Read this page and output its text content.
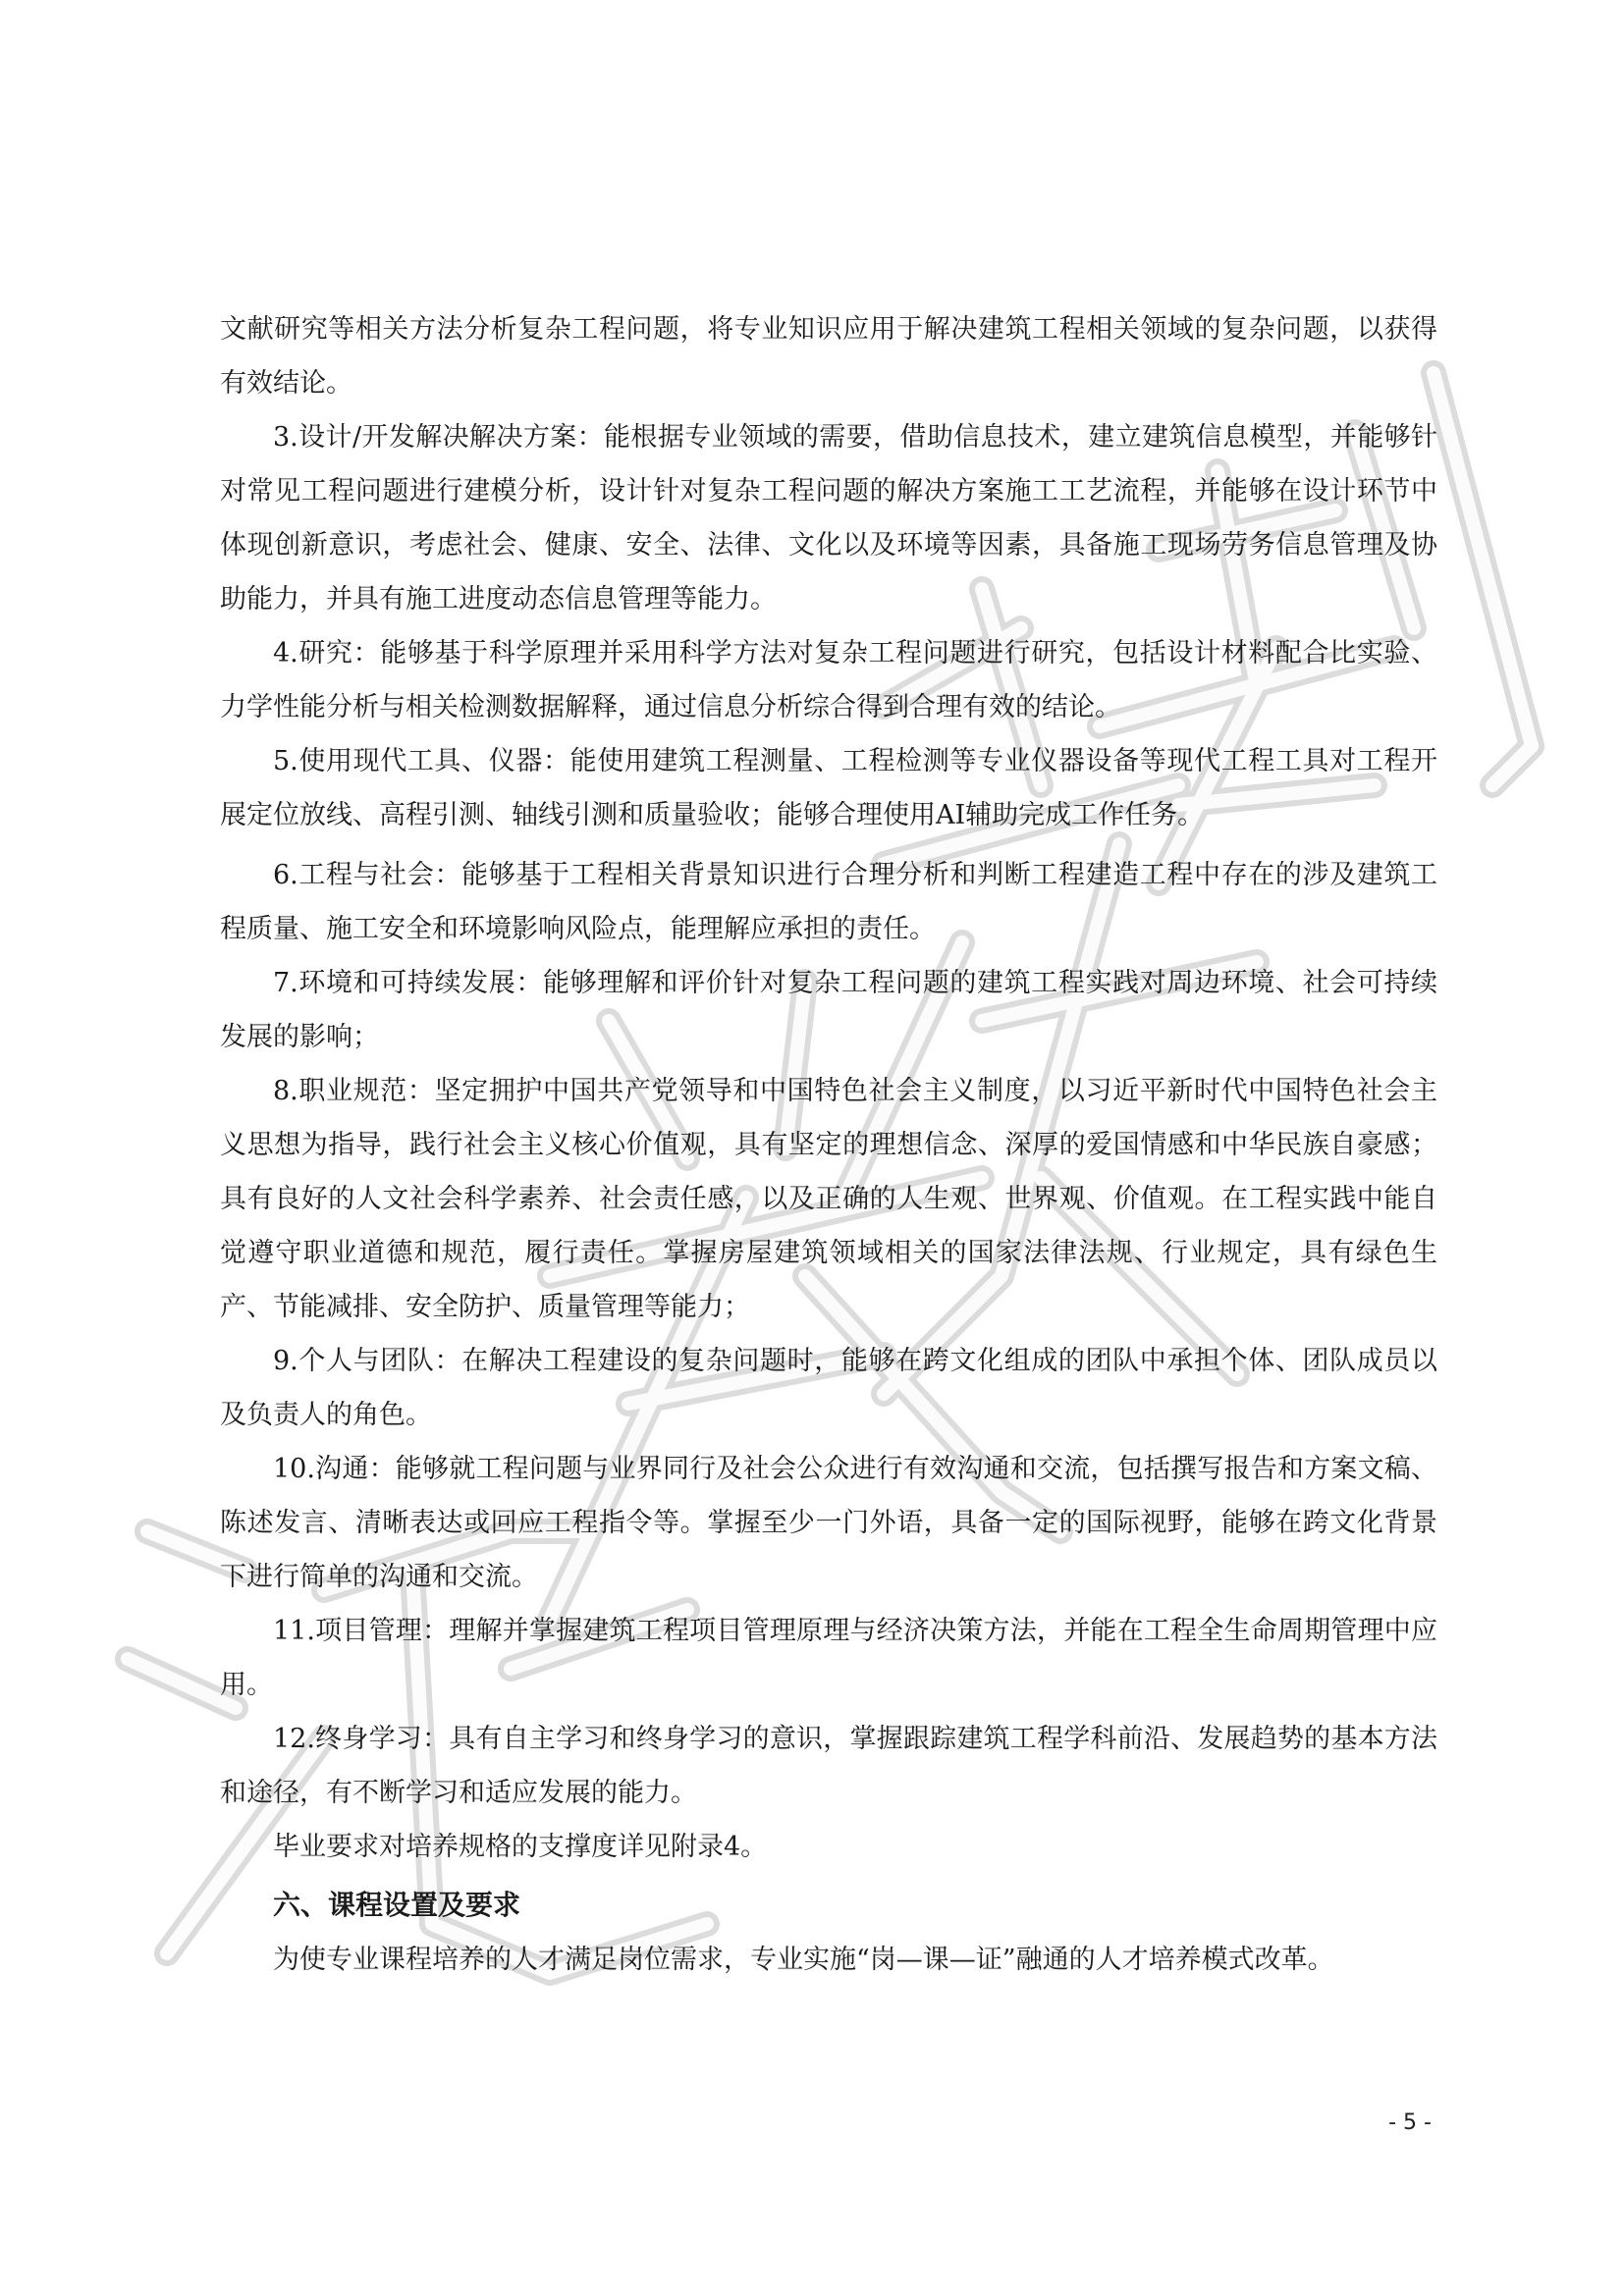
文献研究等相关方法分析复杂工程问题，将专业知识应用于解决建筑工程相关领域的复杂问题，以获得有效结论。

3.设计/开发解决解决方案：能根据专业领域的需要，借助信息技术，建立建筑信息模型，并能够针对常见工程问题进行建模分析，设计针对复杂工程问题的解决方案施工工艺流程，并能够在设计环节中体现创新意识，考虑社会、健康、安全、法律、文化以及环境等因素，具备施工现场劳务信息管理及协助能力，并具有施工进度动态信息管理等能力。

4.研究：能够基于科学原理并采用科学方法对复杂工程问题进行研究，包括设计材料配合比实验、力学性能分析与相关检测数据解释，通过信息分析综合得到合理有效的结论。

5.使用现代工具、仪器：能使用建筑工程测量、工程检测等专业仪器设备等现代工程工具对工程开展定位放线、高程引测、轴线引测和质量验收；能够合理使用AI辅助完成工作任务。

6.工程与社会：能够基于工程相关背景知识进行合理分析和判断工程建造工程中存在的涉及建筑工程质量、施工安全和环境影响风险点，能理解应承担的责任。

7.环境和可持续发展：能够理解和评价针对复杂工程问题的建筑工程实践对周边环境、社会可持续发展的影响；

8.职业规范：坚定拥护中国共产党领导和中国特色社会主义制度，以习近平新时代中国特色社会主义思想为指导，践行社会主义核心价值观，具有坚定的理想信念、深厚的爱国情感和中华民族自豪感；具有良好的人文社会科学素养、社会责任感，以及正确的人生观、世界观、价值观。在工程实践中能自觉遵守职业道德和规范，履行责任。掌握房屋建筑领域相关的国家法律法规、行业规定，具有绿色生产、节能减排、安全防护、质量管理等能力；

9.个人与团队：在解决工程建设的复杂问题时，能够在跨文化组成的团队中承担个体、团队成员以及负责人的角色。

10.沟通：能够就工程问题与业界同行及社会公众进行有效沟通和交流，包括撰写报告和方案文稿、陈述发言、清晰表达或回应工程指令等。掌握至少一门外语，具备一定的国际视野，能够在跨文化背景下进行简单的沟通和交流。

11.项目管理：理解并掌握建筑工程项目管理原理与经济决策方法，并能在工程全生命周期管理中应用。

12.终身学习：具有自主学习和终身学习的意识，掌握跟踪建筑工程学科前沿、发展趋势的基本方法和途径，有不断学习和适应发展的能力。

毕业要求对培养规格的支撑度详见附录4。

六、课程设置及要求

为使专业课程培养的人才满足岗位需求，专业实施“岗—课—证”融通的人才培养模式改革。

- 5 -
